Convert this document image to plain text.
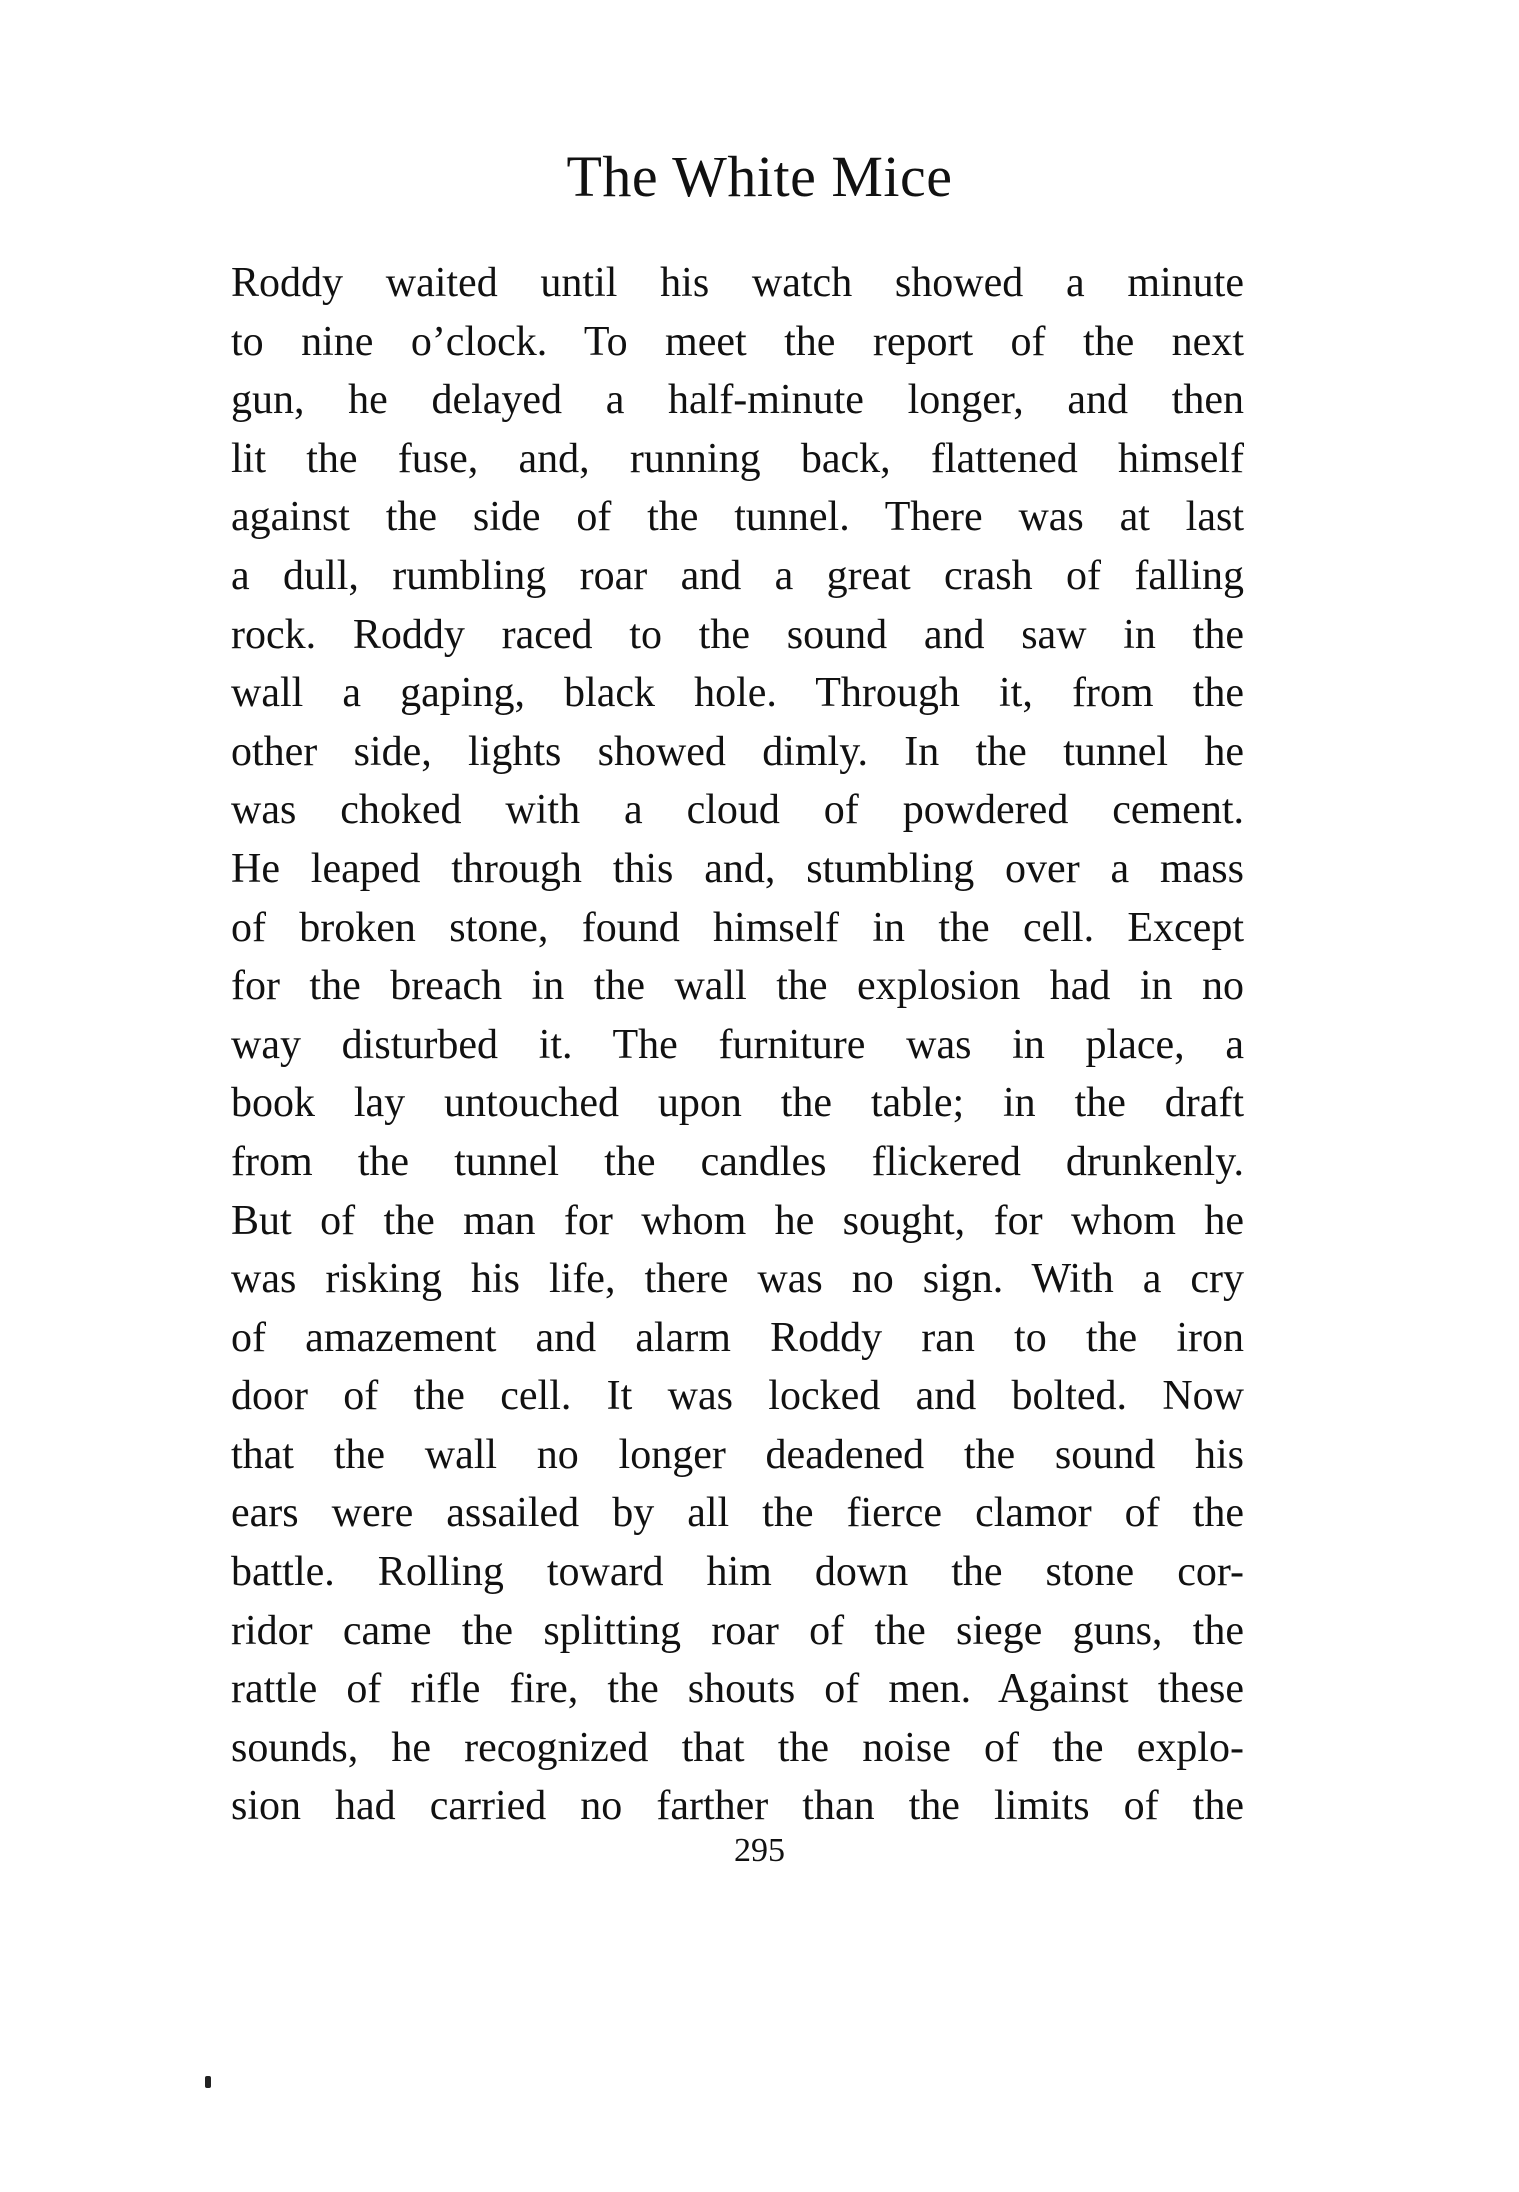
The White Mice
Roddy waited until his watch showed a minute
to nine o’clock. To meet the report of the next
gun, he delayed a half-minute longer, and then
lit the fuse, and, running back, flattened himself
against the side of the tunnel. There was at last
a dull, rumbling roar and a great crash of falling
rock. Roddy raced to the sound and saw in the
wall a gaping, black hole. Through it, from the
other side, lights showed dimly. In the tunnel he
was choked with a cloud of powdered cement.
He leaped through this and, stumbling over a mass
of broken stone, found himself in the cell. Except
for the breach in the wall the explosion had in no
way disturbed it. The furniture was in place, a
book lay untouched upon the table; in the draft
from the tunnel the candles flickered drunkenly.
But of the man for whom he sought, for whom he
was risking his life, there was no sign. With a cry
of amazement and alarm Roddy ran to the iron
door of the cell. It was locked and bolted. Now
that the wall no longer deadened the sound his
ears were assailed by all the fierce clamor of the
battle. Rolling toward him down the stone cor-
ridor came the splitting roar of the siege guns, the
rattle of rifle fire, the shouts of men. Against these
sounds, he recognized that the noise of the explo-
sion had carried no farther than the limits of the
295
